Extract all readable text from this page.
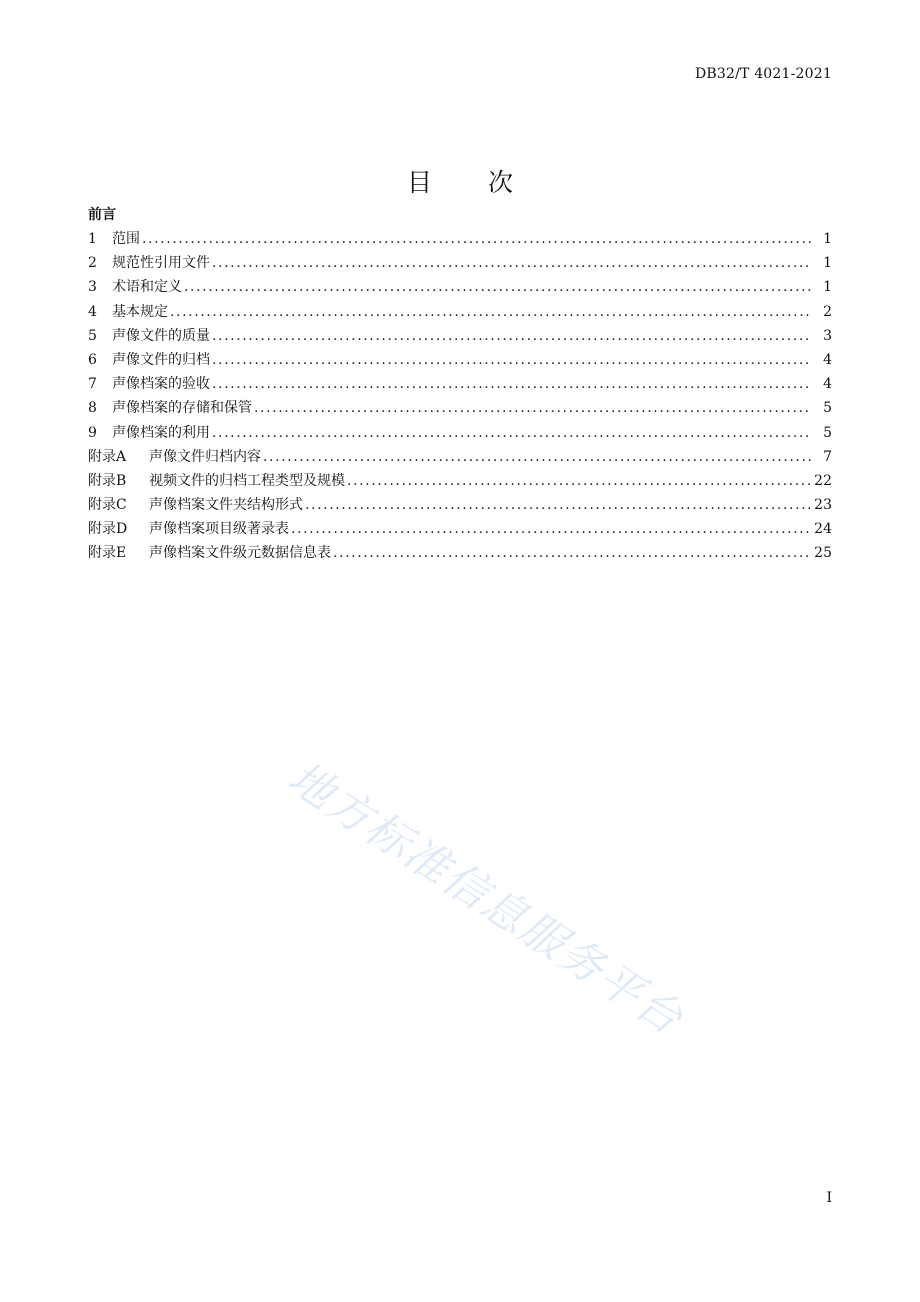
DB32/T 4021-2021
目 次
前言
1	范围 .....	1
2	规范性引用文件 .....	1
3	术语和定义 .....	1
4	基本规定 .....	2
5	声像文件的质量 .....	3
6	声像文件的归档 .....	4
7	声像档案的验收 .....	4
8	声像档案的存储和保管 .....	5
9	声像档案的利用 .....	5
附录A	声像文件归档内容 .....	7
附录B	视频文件的归档工程类型及规模 .....	22
附录C	声像档案文件夹结构形式 .....	23
附录D	声像档案项目级著录表 .....	24
附录E	声像档案文件级元数据信息表 .....	25
地方标准信息服务平台
I
